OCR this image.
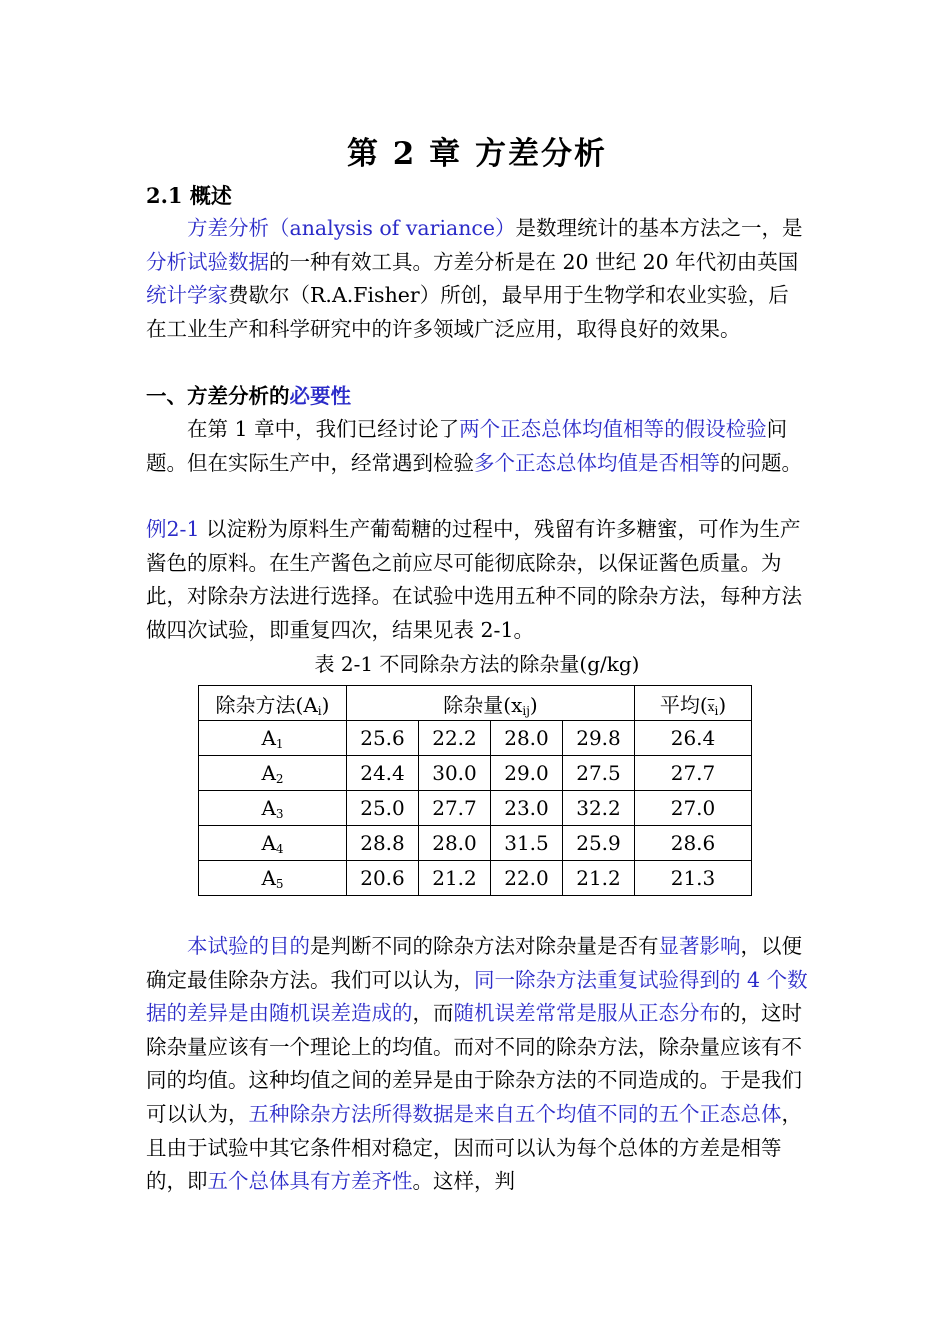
第 2 章 方差分析
2.1 概述
方差分析（analysis of variance）是数理统计的基本方法之一，是分析试验数据的一种有效工具。方差分析是在 20 世纪 20 年代初由英国统计学家费歇尔（R.A.Fisher）所创，最早用于生物学和农业实验，后在工业生产和科学研究中的许多领域广泛应用，取得良好的效果。
一、方差分析的必要性
在第 1 章中，我们已经讨论了两个正态总体均值相等的假设检验问题。但在实际生产中，经常遇到检验多个正态总体均值是否相等的问题。
例2-1 以淀粉为原料生产葡萄糖的过程中，残留有许多糖蜜，可作为生产酱色的原料。在生产酱色之前应尽可能彻底除杂，以保证酱色质量。为此，对除杂方法进行选择。在试验中选用五种不同的除杂方法，每种方法做四次试验，即重复四次，结果见表 2-1。
表 2-1 不同除杂方法的除杂量(g/kg)
除杂方法$(A_i)$	除杂量$(x_{ij})$				平均$(\overline{x}_i)$
$A_1$	25.6	22.2	28.0	29.8	26.4
$A_2$	24.4	30.0	29.0	27.5	27.7
$A_3$	25.0	27.7	23.0	32.2	27.0
$A_4$	28.8	28.0	31.5	25.9	28.6
$A_5$	20.6	21.2	22.0	21.2	21.3
本试验的目的是判断不同的除杂方法对除杂量是否有显著影响，以便确定最佳除杂方法。我们可以认为，同一除杂方法重复试验得到的 4 个数据的差异是由随机误差造成的，而随机误差常常是服从正态分布的，这时除杂量应该有一个理论上的均值。而对不同的除杂方法，除杂量应该有不同的均值。这种均值之间的差异是由于除杂方法的不同造成的。于是我们可以认为，五种除杂方法所得数据是来自五个均值不同的五个正态总体，且由于试验中其它条件相对稳定，因而可以认为每个总体的方差是相等的，即五个总体具有方差齐性。这样，判
